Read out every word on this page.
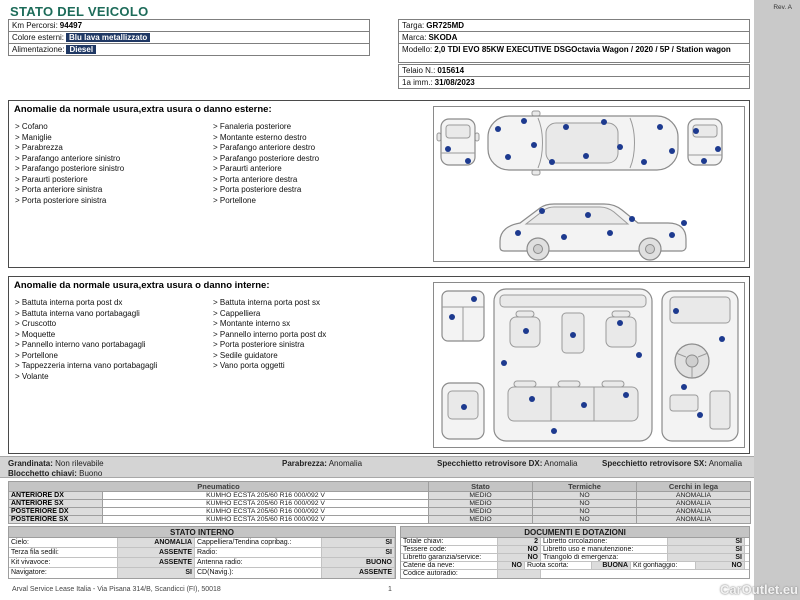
STATO DEL VEICOLO
Km Percorsi: 94497
Colore esterni: Blu lava metallizzato
Alimentazione: Diesel
Targa: GR725MD
Marca: SKODA
Modello: 2,0 TDI EVO 85KW EXECUTIVE DSGOctavia Wagon / 2020 / 5P / Station wagon
Telaio N.: 015614
1a imm.: 31/08/2023
Anomalie da normale usura,extra usura o danno esterne:
> Cofano
> Maniglie
> Parabrezza
> Parafango anteriore sinistro
> Parafango posteriore sinistro
> Paraurti posteriore
> Porta anteriore sinistra
> Porta posteriore sinistra
> Fanaleria posteriore
> Montante esterno destro
> Parafango anteriore destro
> Parafango posteriore destro
> Paraurti anteriore
> Porta anteriore destra
> Porta posteriore destra
> Portellone
Anomalie da normale usura,extra usura o danno interne:
> Battuta interna porta post dx
> Battuta interna vano portabagagli
> Cruscotto
> Moquette
> Pannello interno vano portabagagli
> Portellone
> Tappezzeria interna vano portabagagli
> Volante
> Battuta interna porta post sx
> Cappelliera
> Montante interno sx
> Pannello interno porta post dx
> Porta posteriore sinistra
> Sedile guidatore
> Vano porta oggetti
Grandinata: Non rilevabile	Parabrezza: Anomalia	Specchietto retrovisore DX: Anomalia	Specchietto retrovisore SX: Anomalia
Blocchetto chiavi: Buono
Pneumatico		Stato	Termiche	Cerchi in lega
ANTERIORE DX	KUMHO ECSTA 205/60 R16 000/092 V	MEDIO	NO	ANOMALIA
ANTERIORE SX	KUMHO ECSTA 205/60 R16 000/092 V	MEDIO	NO	ANOMALIA
POSTERIORE DX	KUMHO ECSTA 205/60 R16 000/092 V	MEDIO	NO	ANOMALIA
POSTERIORE SX	KUMHO ECSTA 205/60 R16 000/092 V	MEDIO	NO	ANOMALIA
STATO INTERNO
Cielo:	ANOMALIA Cappelliera/Tendina copribag.:	SI
Terza fila sedili:	ASSENTE Radio:	SI
Kit vivavoce:	ASSENTE Antenna radio:	BUONO
Navigatore:	SI CD(Navig.):	ASSENTE
DOCUMENTI E DOTAZIONI
Totale chiavi:	2 Libretto circolazione:	SI
Tessere code:	NO Libretto uso e manutenzione:	SI
Libretto garanzia/service:	NO Triangolo di emergenza:	SI
Catene da neve:	NO Ruota scorta:	BUONA Kit gonfiaggio:	NO
Codice autoradio:
Arval Service Lease Italia - Via Pisana 314/B, Scandicci (FI), 50018	1
Rev. A
CarOutlet.eu
